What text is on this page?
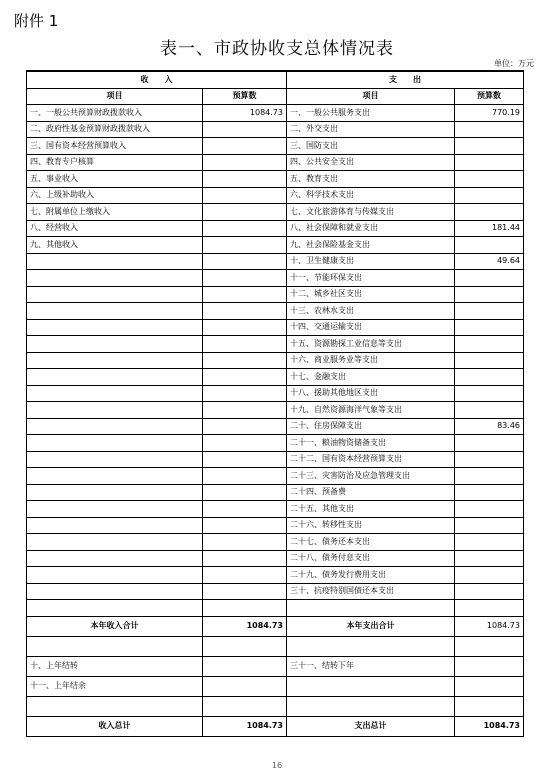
附件 1
表一、市政协收支总体情况表
单位：万元
收　　入		支　　出	
项目	预算数	项目	预算数
一、一般公共预算财政拨款收入	1084.73	一、一般公共服务支出	770.19
二、政府性基金预算财政拨款收入		二、外交支出	
三、国有资本经营预算收入		三、国防支出	
四、教育专户核算		四、公共安全支出	
五、事业收入		五、教育支出	
六、上级补助收入		六、科学技术支出	
七、附属单位上缴收入		七、文化旅游体育与传媒支出	
八、经营收入		八、社会保障和就业支出	181.44
九、其他收入		九、社会保险基金支出	
		十、卫生健康支出	49.64
		十一、节能环保支出	
		十二、城乡社区支出	
		十三、农林水支出	
		十四、交通运输支出	
		十五、资源勘探工业信息等支出	
		十六、商业服务业等支出	
		十七、金融支出	
		十八、援助其他地区支出	
		十九、自然资源海洋气象等支出	
		二十、住房保障支出	83.46
		二十一、粮油物资储备支出	
		二十二、国有资本经营预算支出	
		二十三、灾害防治及应急管理支出	
		二十四、预备费	
		二十五、其他支出	
		二十六、转移性支出	
		二十七、债务还本支出	
		二十八、债务付息支出	
		二十九、债务发行费用支出	
		三十、抗疫特别国债还本支出	

本年收入合计	1084.73	本年支出合计	1084.73

十、上年结转		三十一、结转下年	
十一、上年结余			

收入总计	1084.73	支出总计	1084.73
16
